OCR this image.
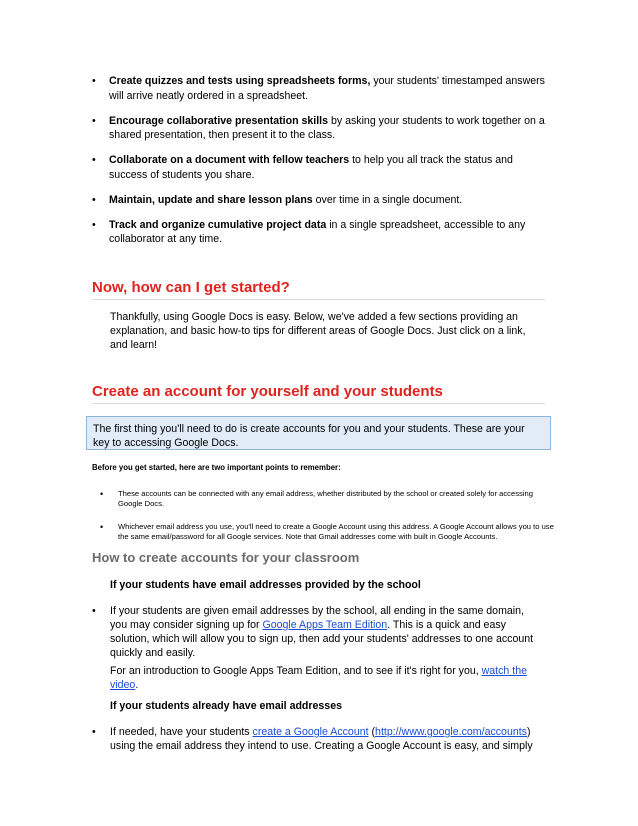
• Create quizzes and tests using spreadsheets forms, your students' timestamped answers will arrive neatly ordered in a spreadsheet.
• Encourage collaborative presentation skills by asking your students to work together on a shared presentation, then present it to the class.
• Collaborate on a document with fellow teachers to help you all track the status and success of students you share.
• Maintain, update and share lesson plans over time in a single document.
• Track and organize cumulative project data in a single spreadsheet, accessible to any collaborator at any time.
Now, how can I get started?
Thankfully, using Google Docs is easy. Below, we've added a few sections providing an explanation, and basic how-to tips for different areas of Google Docs. Just click on a link, and learn!
Create an account for yourself and your students
The first thing you'll need to do is create accounts for you and your students. These are your key to accessing Google Docs.
Before you get started, here are two important points to remember:
• These accounts can be connected with any email address, whether distributed by the school or created solely for accessing Google Docs.
• Whichever email address you use, you'll need to create a Google Account using this address. A Google Account allows you to use the same email/password for all Google services. Note that Gmail addresses come with built in Google Accounts.
How to create accounts for your classroom
If your students have email addresses provided by the school
• If your students are given email addresses by the school, all ending in the same domain, you may consider signing up for Google Apps Team Edition. This is a quick and easy solution, which will allow you to sign up, then add your students' addresses to one account quickly and easily.
For an introduction to Google Apps Team Edition, and to see if it's right for you, watch the video.
If your students already have email addresses
• If needed, have your students create a Google Account (http://www.google.com/accounts) using the email address they intend to use. Creating a Google Account is easy, and simply
